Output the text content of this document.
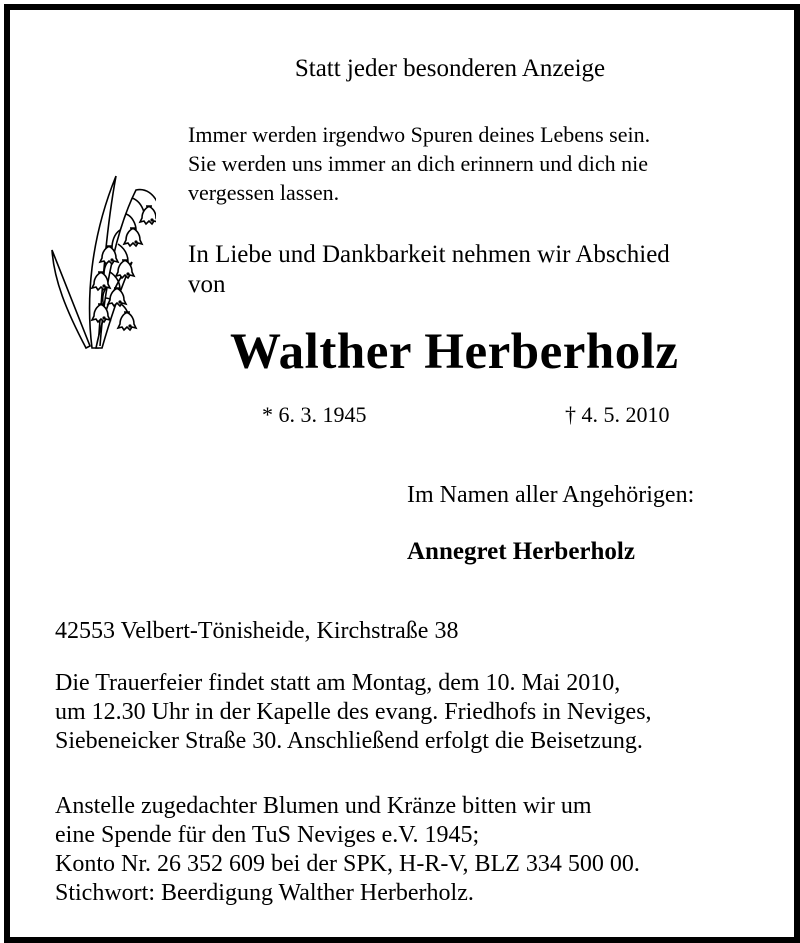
Statt jeder besonderen Anzeige

Immer werden irgendwo Spuren deines Lebens sein.
Sie werden uns immer an dich erinnern und dich nie
vergessen lassen.
In Liebe und Dankbarkeit nehmen wir Abschied
von

Walther Herberholz

* 6. 3. 1945	† 4. 5. 2010

Im Namen aller Angehörigen:

Annegret Herberholz

42553 Velbert-Tönisheide, Kirchstraße 38

Die Trauerfeier findet statt am Montag, dem 10. Mai 2010,
um 12.30 Uhr in der Kapelle des evang. Friedhofs in Neviges,
Siebeneicker Straße 30. Anschließend erfolgt die Beisetzung.
Anstelle zugedachter Blumen und Kränze bitten wir um
eine Spende für den TuS Neviges e.V. 1945;
Konto Nr. 26 352 609 bei der SPK, H-R-V, BLZ 334 500 00.
Stichwort: Beerdigung Walther Herberholz.
